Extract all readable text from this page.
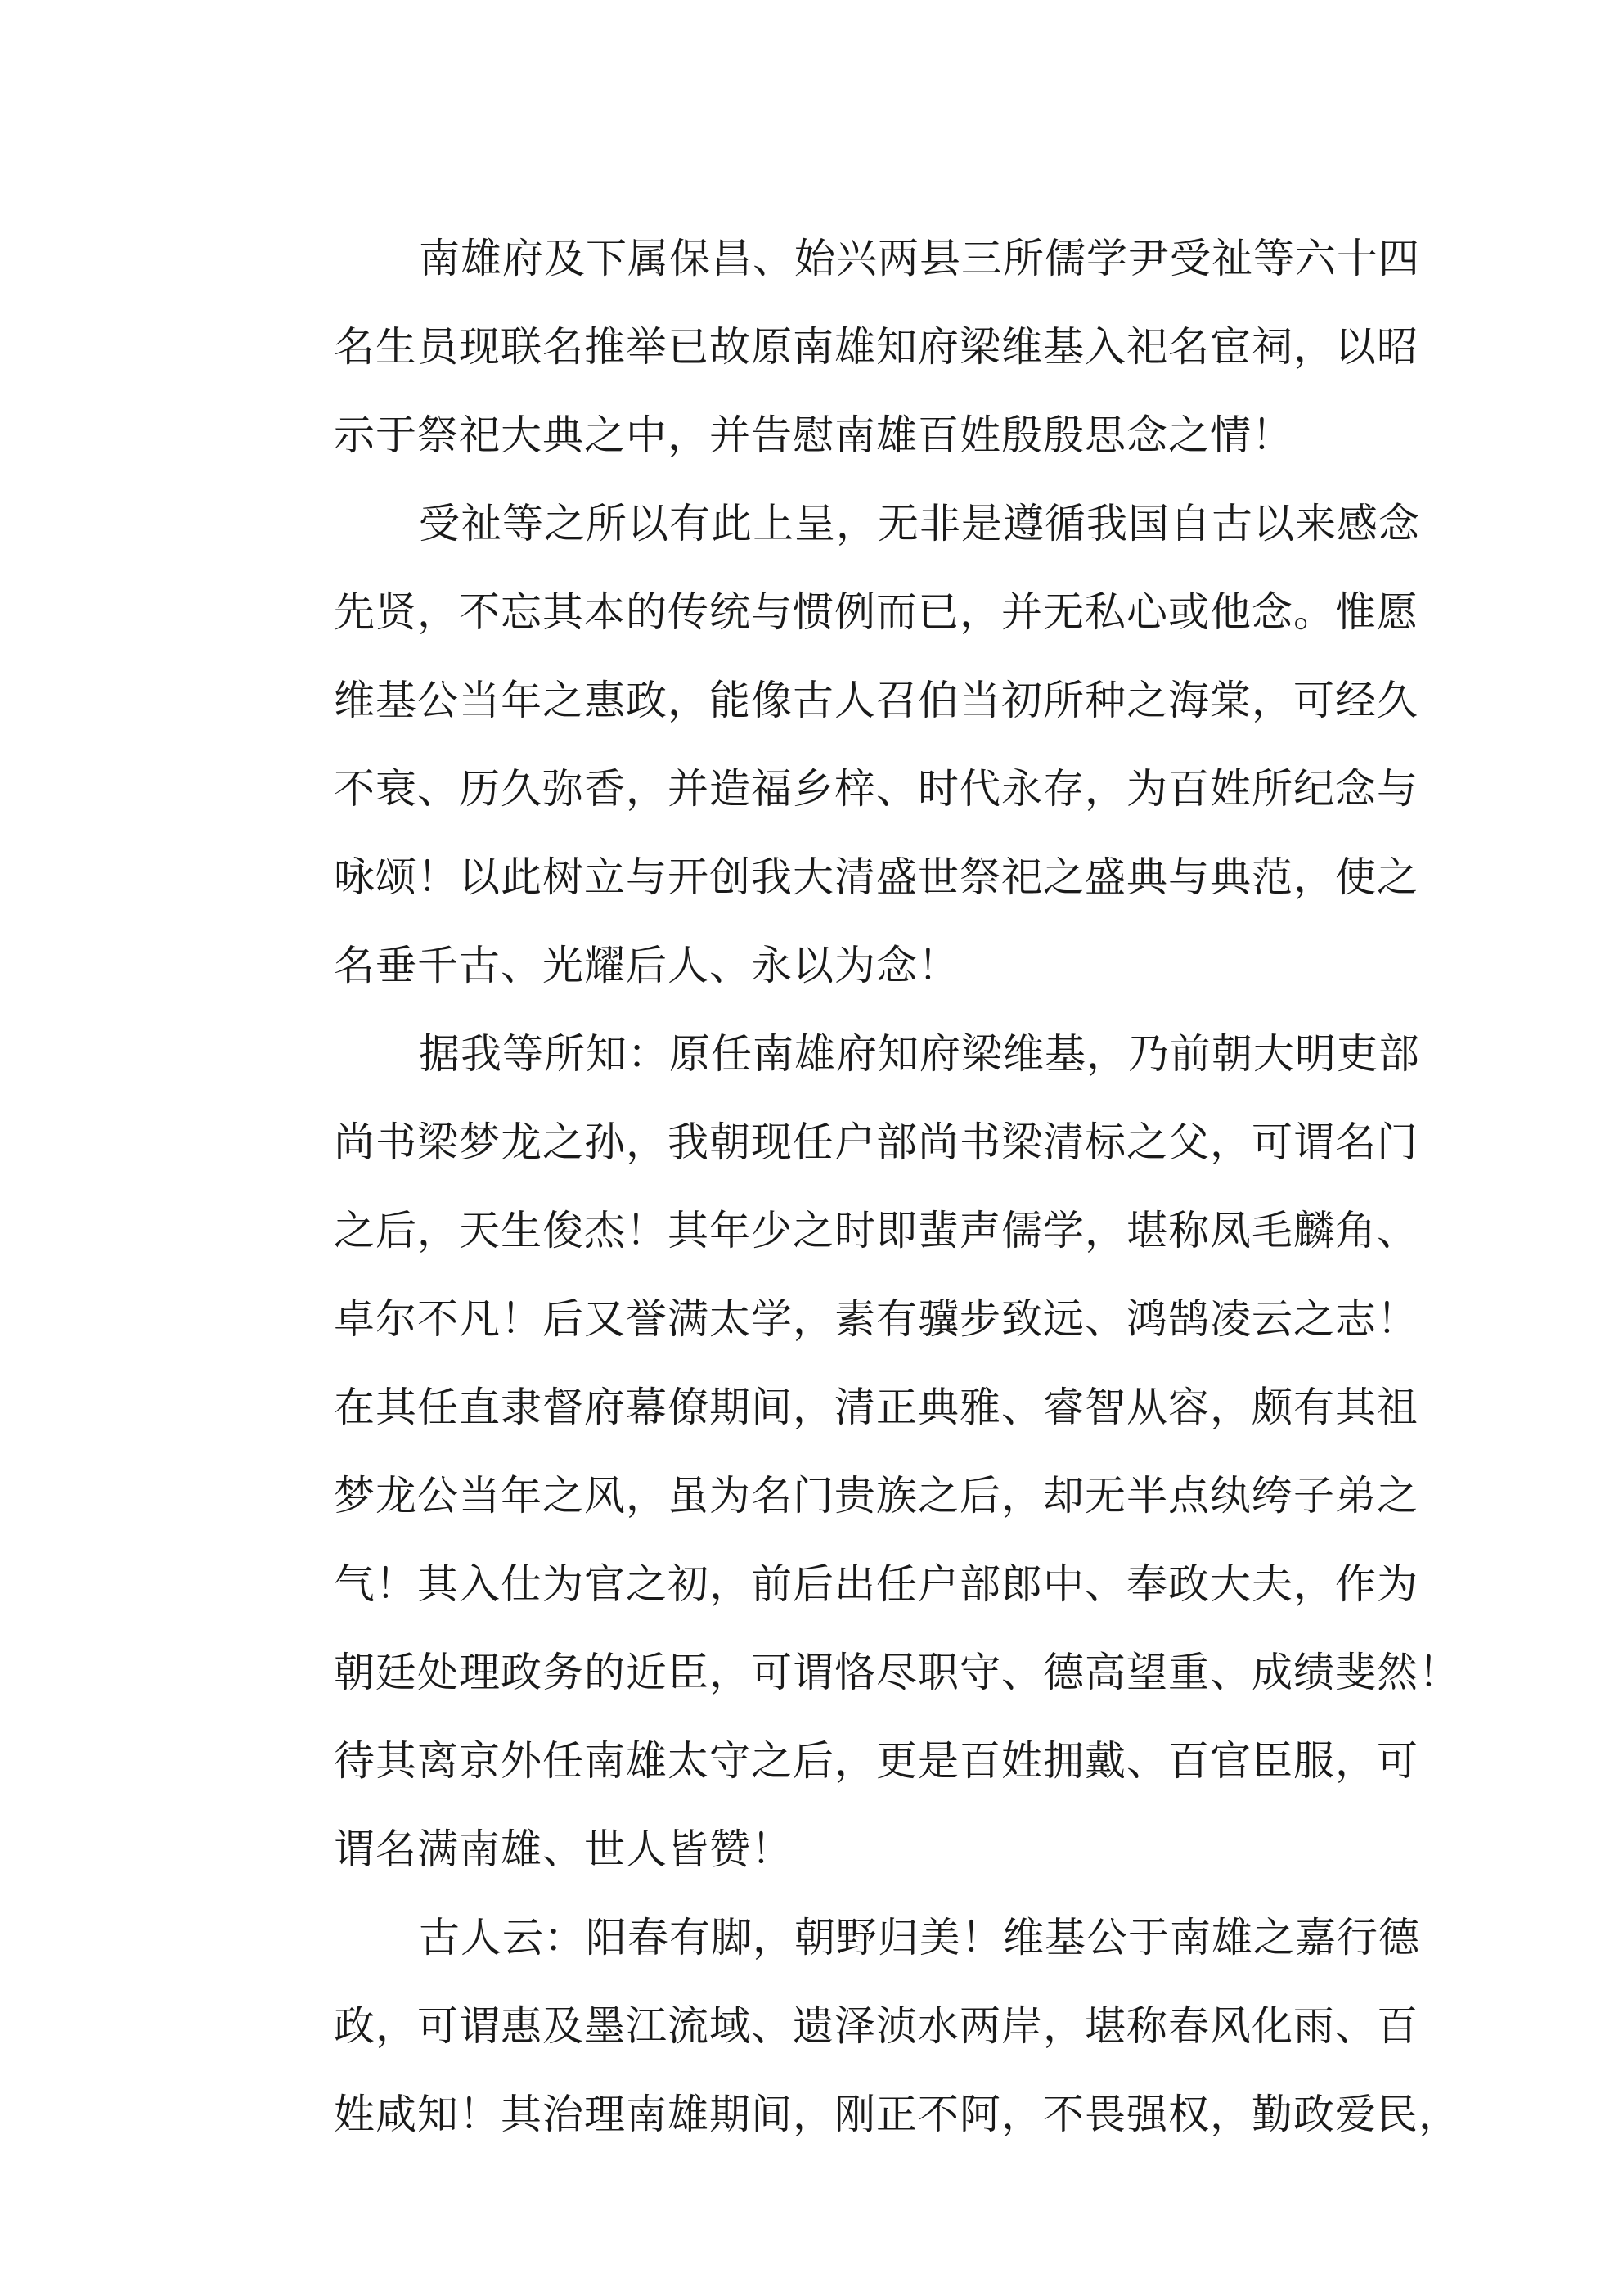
南雄府及下属保昌、始兴两县三所儒学尹受祉等六十四
名生员现联名推举已故原南雄知府梁维基入祀名宦祠，以昭
示于祭祀大典之中，并告慰南雄百姓殷殷思念之情！
受祉等之所以有此上呈，无非是遵循我国自古以来感念
先贤，不忘其本的传统与惯例而已，并无私心或他念。惟愿
维基公当年之惠政，能像古人召伯当初所种之海棠，可经久
不衰、历久弥香，并造福乡梓、时代永存，为百姓所纪念与
咏颂！以此树立与开创我大清盛世祭祀之盛典与典范，使之
名垂千古、光耀后人、永以为念！
据我等所知：原任南雄府知府梁维基，乃前朝大明吏部
尚书梁梦龙之孙，我朝现任户部尚书梁清标之父，可谓名门
之后，天生俊杰！其年少之时即蜚声儒学，堪称凤毛麟角、
卓尔不凡！后又誉满太学，素有骥步致远、鸿鹄凌云之志！
在其任直隶督府幕僚期间，清正典雅、睿智从容，颇有其祖
梦龙公当年之风，虽为名门贵族之后，却无半点纨绔子弟之
气！其入仕为官之初，前后出任户部郎中、奉政大夫，作为
朝廷处理政务的近臣，可谓恪尽职守、德高望重、成绩斐然！
待其离京外任南雄太守之后，更是百姓拥戴、百官臣服，可
谓名满南雄、世人皆赞！
古人云：阳春有脚，朝野归美！维基公于南雄之嘉行德
政，可谓惠及墨江流域、遗泽浈水两岸，堪称春风化雨、百
姓咸知！其治理南雄期间，刚正不阿，不畏强权，勤政爱民，
